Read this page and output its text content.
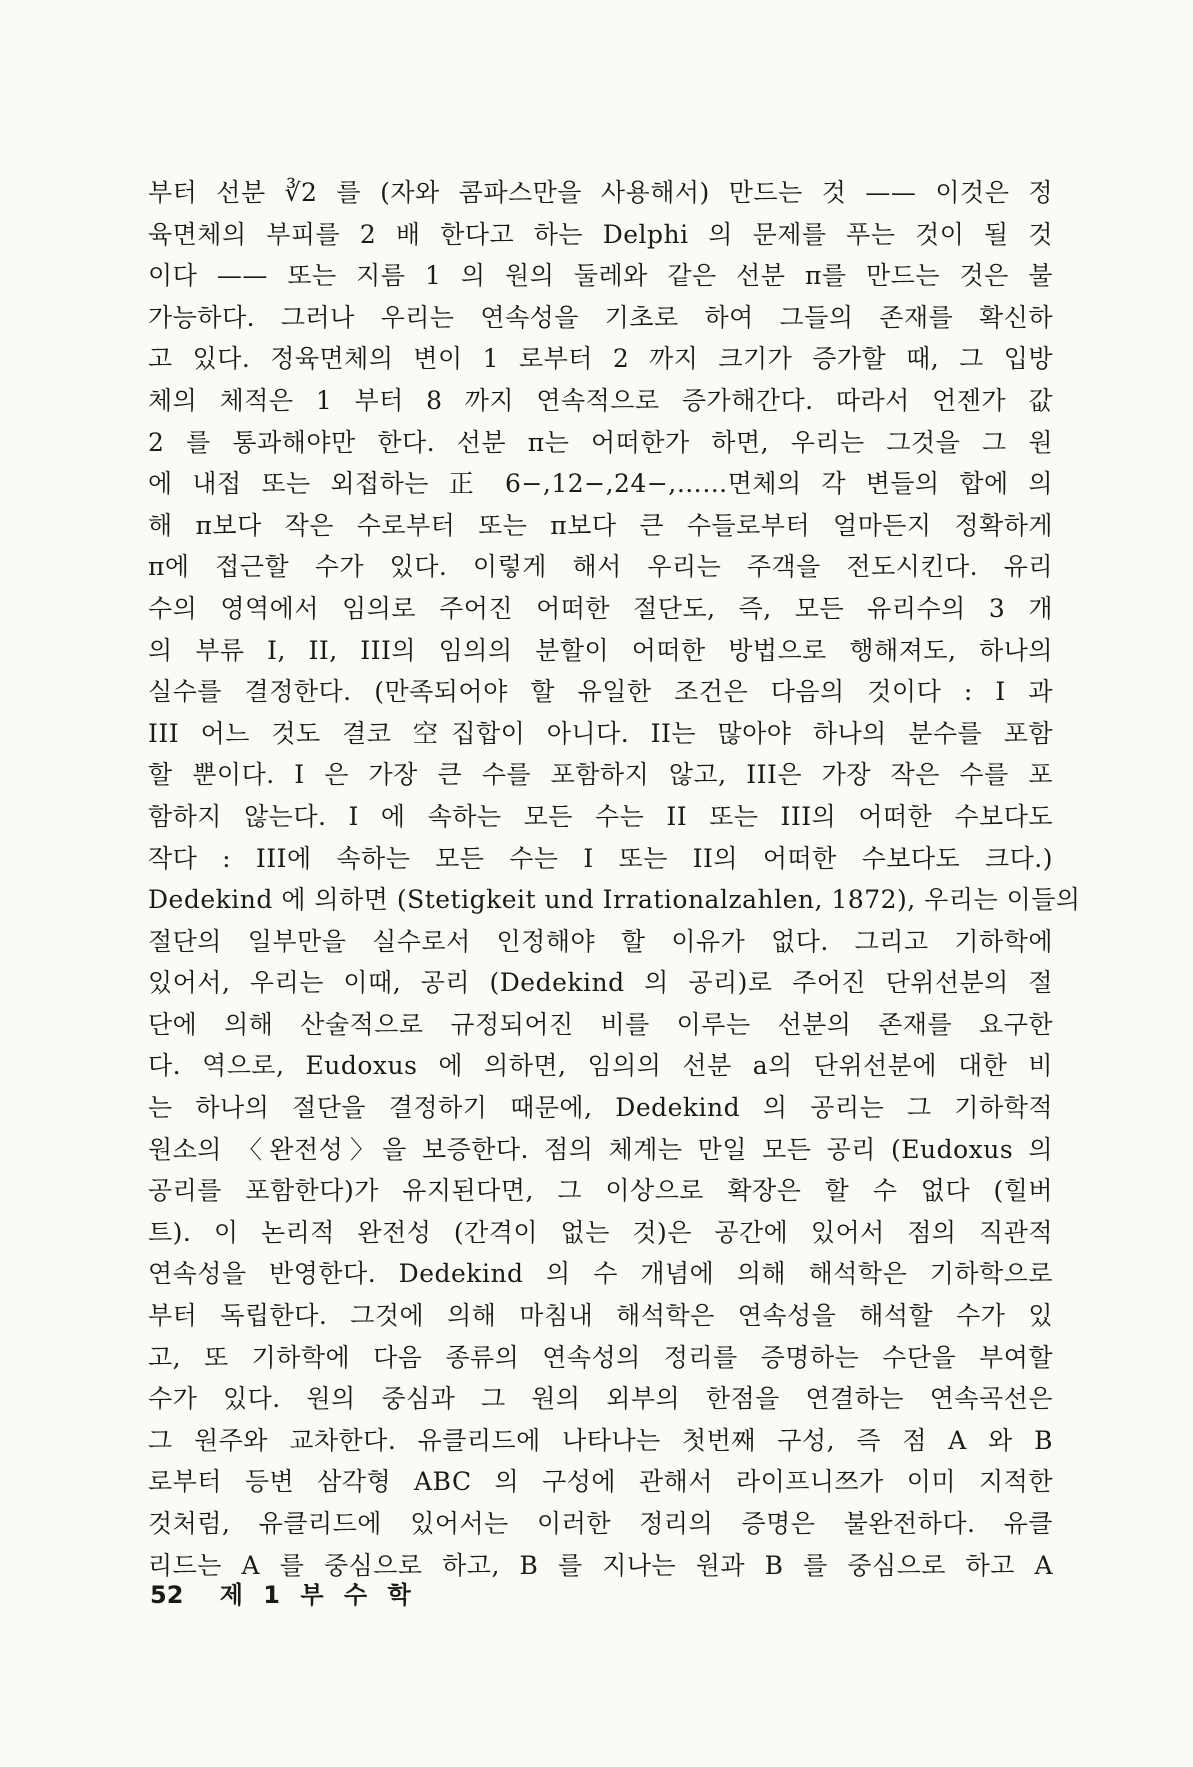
부터 선분 ∛2 를 (자와 콤파스만을 사용해서) 만드는 것 —— 이것은 정
육면체의 부피를 2 배 한다고 하는 Delphi 의 문제를 푸는 것이 될 것
이다 —— 또는 지름 1 의 원의 둘레와 같은 선분 π를 만드는 것은 불
가능하다. 그러나 우리는 연속성을 기초로 하여 그들의 존재를 확신하
고 있다. 정육면체의 변이 1 로부터 2 까지 크기가 증가할 때, 그 입방
체의 체적은 1 부터 8 까지 연속적으로 증가해간다. 따라서 언젠가 값
2 를 통과해야만 한다. 선분 π는 어떠한가 하면, 우리는 그것을 그 원
에 내접 또는 외접하는 正 6−,12−,24−,……면체의 각 변들의 합에 의
해 π보다 작은 수로부터 또는 π보다 큰 수들로부터 얼마든지 정확하게
π에 접근할 수가 있다. 이렇게 해서 우리는 주객을 전도시킨다. 유리
수의 영역에서 임의로 주어진 어떠한 절단도, 즉, 모든 유리수의 3 개
의 부류 I, II, III의 임의의 분할이 어떠한 방법으로 행해져도, 하나의
실수를 결정한다. (만족되어야 할 유일한 조건은 다음의 것이다 : I 과
III 어느 것도 결코 空집합이 아니다. II는 많아야 하나의 분수를 포함
할 뿐이다. I 은 가장 큰 수를 포함하지 않고, III은 가장 작은 수를 포
함하지 않는다. I 에 속하는 모든 수는 II 또는 III의 어떠한 수보다도
작다 : III에 속하는 모든 수는 I 또는 II의 어떠한 수보다도 크다.)
Dedekind 에 의하면 (Stetigkeit und Irrationalzahlen, 1872), 우리는 이들의
절단의 일부만을 실수로서 인정해야 할 이유가 없다. 그리고 기하학에
있어서, 우리는 이때, 공리 (Dedekind 의 공리)로 주어진 단위선분의 절
단에 의해 산술적으로 규정되어진 비를 이루는 선분의 존재를 요구한
다. 역으로, Eudoxus 에 의하면, 임의의 선분 a의 단위선분에 대한 비
는 하나의 절단을 결정하기 때문에, Dedekind 의 공리는 그 기하학적
원소의 〈완전성〉을 보증한다. 점의 체계는 만일 모든 공리 (Eudoxus 의
공리를 포함한다)가 유지된다면, 그 이상으로 확장은 할 수 없다 (힐버
트). 이 논리적 완전성 (간격이 없는 것)은 공간에 있어서 점의 직관적
연속성을 반영한다. Dedekind 의 수 개념에 의해 해석학은 기하학으로
부터 독립한다. 그것에 의해 마침내 해석학은 연속성을 해석할 수가 있
고, 또 기하학에 다음 종류의 연속성의 정리를 증명하는 수단을 부여할
수가 있다. 원의 중심과 그 원의 외부의 한점을 연결하는 연속곡선은
그 원주와 교차한다. 유클리드에 나타나는 첫번째 구성, 즉 점 A 와 B
로부터 등변 삼각형 ABC 의 구성에 관해서 라이프니쯔가 이미 지적한
것처럼, 유클리드에 있어서는 이러한 정리의 증명은 불완전하다. 유클
리드는 A 를 중심으로 하고, B 를 지나는 원과 B 를 중심으로 하고 A
52 제 1 부 수 학
